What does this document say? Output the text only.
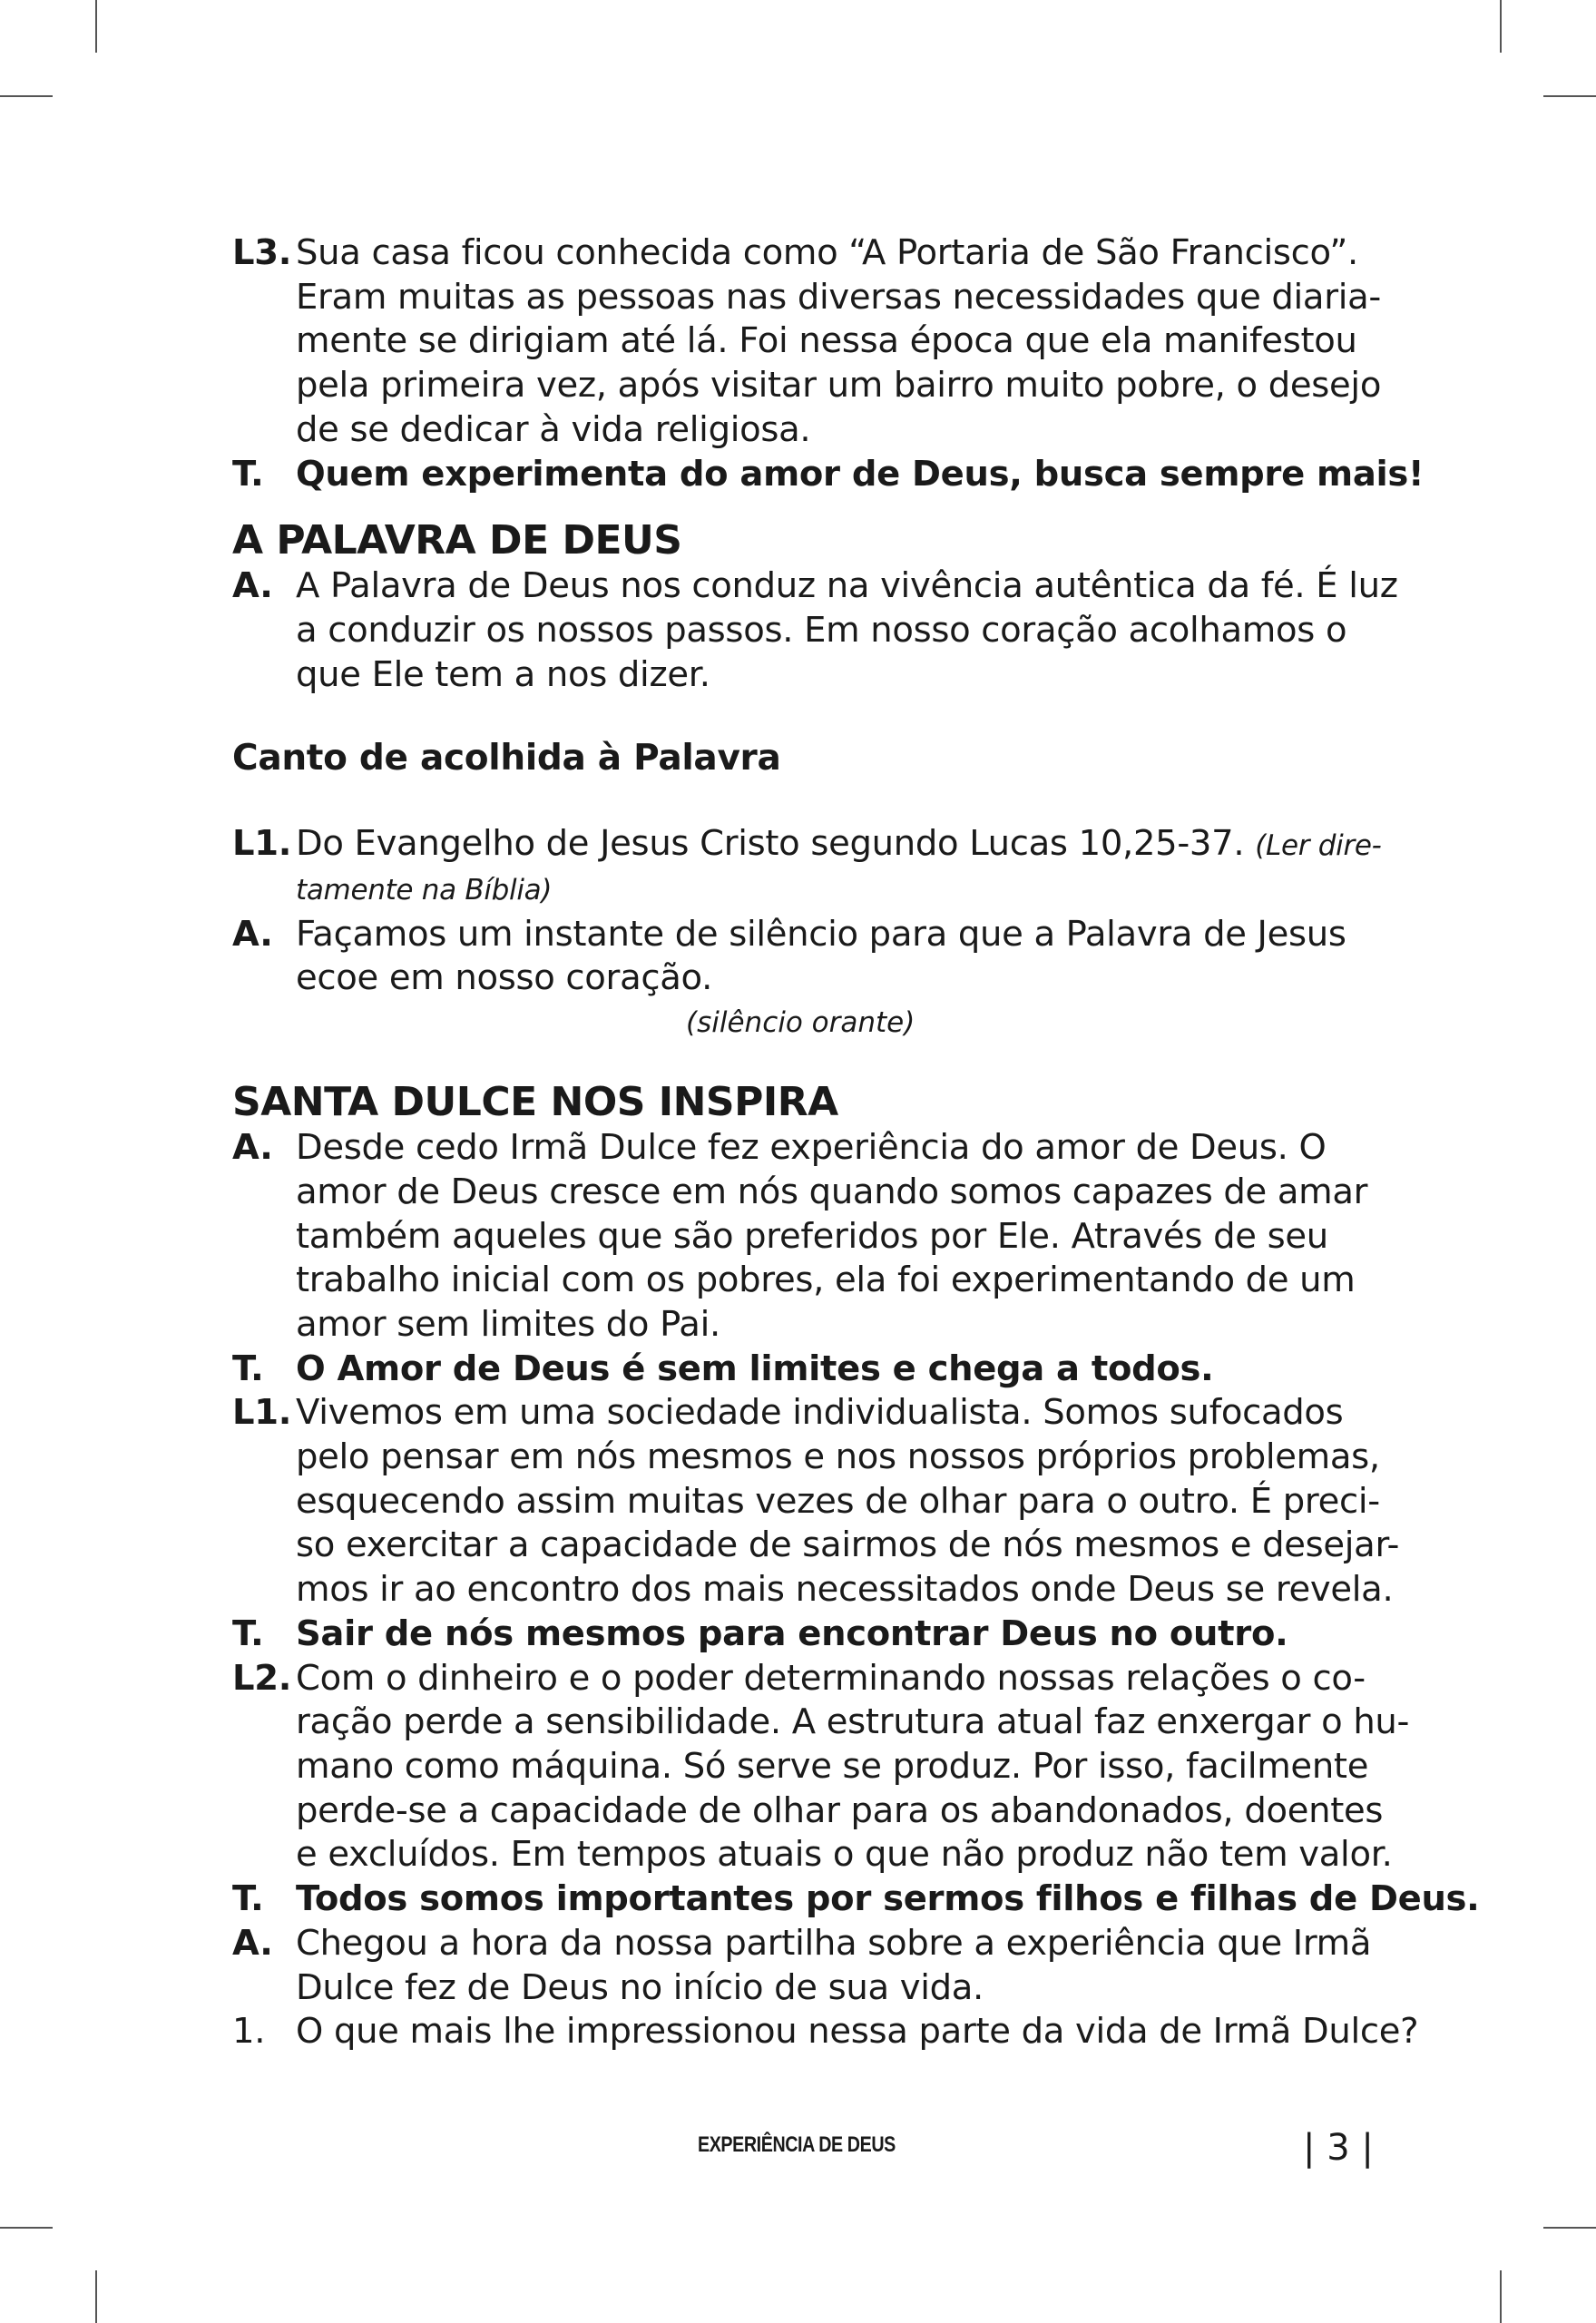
L3. Sua casa ficou conhecida como “A Portaria de São Francisco”.
Eram muitas as pessoas nas diversas necessidades que diaria-
mente se dirigiam até lá. Foi nessa época que ela manifestou
pela primeira vez, após visitar um bairro muito pobre, o desejo
de se dedicar à vida religiosa.
T. Quem experimenta do amor de Deus, busca sempre mais!
A PALAVRA DE DEUS
A. A Palavra de Deus nos conduz na vivência autêntica da fé. É luz
a conduzir os nossos passos. Em nosso coração acolhamos o
que Ele tem a nos dizer.
Canto de acolhida à Palavra
L1. Do Evangelho de Jesus Cristo segundo Lucas 10,25-37. (Ler dire-
tamente na Bíblia)
A. Façamos um instante de silêncio para que a Palavra de Jesus
ecoe em nosso coração.
(silêncio orante)
SANTA DULCE NOS INSPIRA
A. Desde cedo Irmã Dulce fez experiência do amor de Deus. O
amor de Deus cresce em nós quando somos capazes de amar
também aqueles que são preferidos por Ele. Através de seu
trabalho inicial com os pobres, ela foi experimentando de um
amor sem limites do Pai.
T. O Amor de Deus é sem limites e chega a todos.
L1. Vivemos em uma sociedade individualista. Somos sufocados
pelo pensar em nós mesmos e nos nossos próprios problemas,
esquecendo assim muitas vezes de olhar para o outro. É preci-
so exercitar a capacidade de sairmos de nós mesmos e desejar-
mos ir ao encontro dos mais necessitados onde Deus se revela.
T. Sair de nós mesmos para encontrar Deus no outro.
L2. Com o dinheiro e o poder determinando nossas relações o co-
ração perde a sensibilidade. A estrutura atual faz enxergar o hu-
mano como máquina. Só serve se produz. Por isso, facilmente
perde-se a capacidade de olhar para os abandonados, doentes
e excluídos. Em tempos atuais o que não produz não tem valor.
T. Todos somos importantes por sermos filhos e filhas de Deus.
A. Chegou a hora da nossa partilha sobre a experiência que Irmã
Dulce fez de Deus no início de sua vida.
1. O que mais lhe impressionou nessa parte da vida de Irmã Dulce?
EXPERIÊNCIA DE DEUS	| 3 |
